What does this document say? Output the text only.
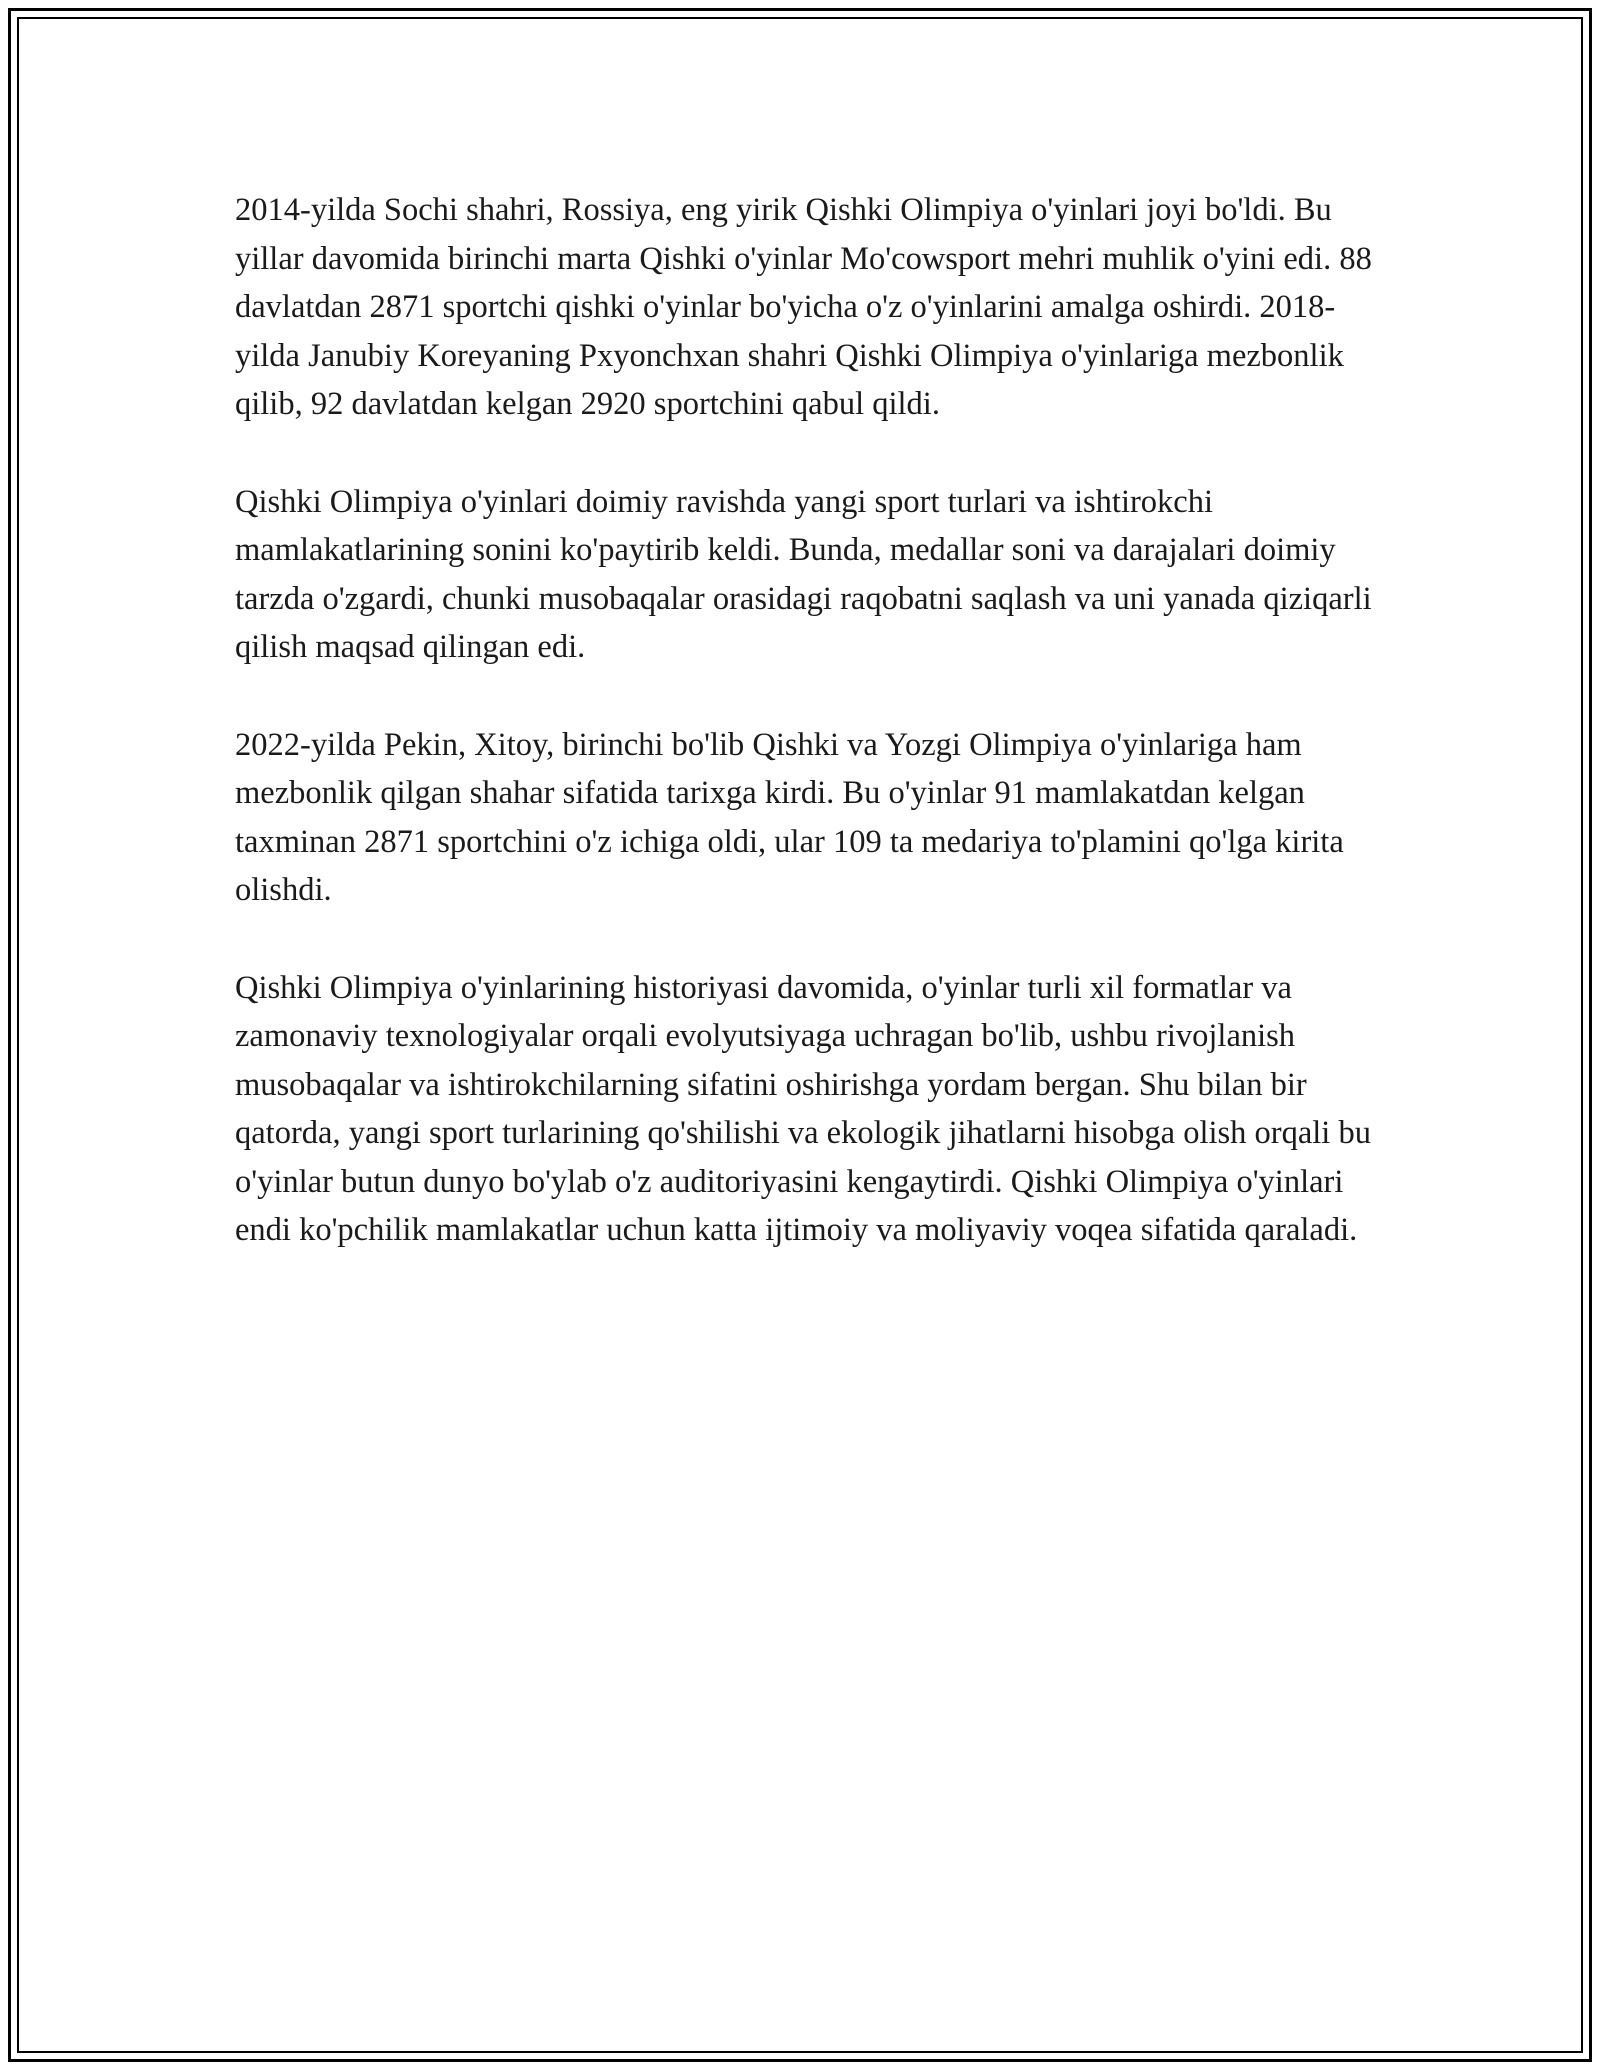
2014-yilda Sochi shahri, Rossiya, eng yirik Qishki Olimpiya o'yinlari joyi bo'ldi. Bu yillar davomida birinchi marta Qishki o'yinlar Mo'cowsport mehri muhlik o'yini edi. 88 davlatdan 2871 sportchi qishki o'yinlar bo'yicha o'z o'yinlarini amalga oshirdi. 2018-yilda Janubiy Koreyaning Pxyonchxan shahri Qishki Olimpiya o'yinlariga mezbonlik qilib, 92 davlatdan kelgan 2920 sportchini qabul qildi.

Qishki Olimpiya o'yinlari doimiy ravishda yangi sport turlari va ishtirokchi mamlakatlarining sonini ko'paytirib keldi. Bunda, medallar soni va darajalari doimiy tarzda o'zgardi, chunki musobaqalar orasidagi raqobatni saqlash va uni yanada qiziqarli qilish maqsad qilingan edi.

2022-yilda Pekin, Xitoy, birinchi bo'lib Qishki va Yozgi Olimpiya o'yinlariga ham mezbonlik qilgan shahar sifatida tarixga kirdi. Bu o'yinlar 91 mamlakatdan kelgan taxminan 2871 sportchini o'z ichiga oldi, ular 109 ta medariya to'plamini qo'lga kirita olishdi.

Qishki Olimpiya o'yinlarining historiyasi davomida, o'yinlar turli xil formatlar va zamonaviy texnologiyalar orqali evolyutsiyaga uchragan bo'lib, ushbu rivojlanish musobaqalar va ishtirokchilarning sifatini oshirishga yordam bergan. Shu bilan bir qatorda, yangi sport turlarining qo'shilishi va ekologik jihatlarni hisobga olish orqali bu o'yinlar butun dunyo bo'ylab o'z auditoriyasini kengaytirdi. Qishki Olimpiya o'yinlari endi ko'pchilik mamlakatlar uchun katta ijtimoiy va moliyaviy voqea sifatida qaraladi.
